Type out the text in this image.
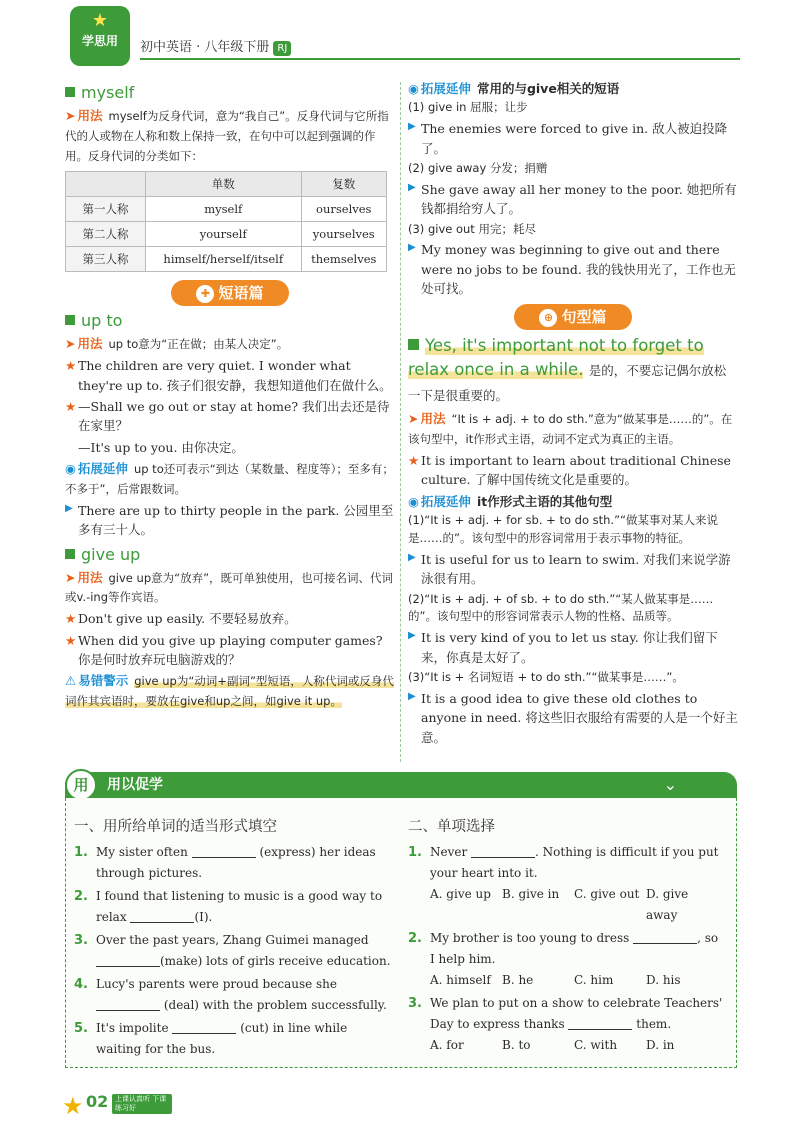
★
学思用	初中英语 · 八年级下册 RJ
myself

➤ 用法 myself为反身代词，意为“我自己”。反身代词与它所指代的人或物在人称和数上保持一致，在句中可以起到强调的作用。反身代词的分类如下：

	单数	复数
第一人称	myself	ourselves
第二人称	yourself	yourselves
第三人称	himself/herself/itself	themselves
✚ 短语篇
up to

➤ 用法 up to意为“正在做；由某人决定”。

★ The children are very quiet. I wonder what they're up to. 孩子们很安静，我想知道他们在做什么。
★ —Shall we go out or stay at home? 我们出去还是待在家里？
—It's up to you. 由你决定。

◉ 拓展延伸 up to还可表示“到达（某数量、程度等）；至多有；不多于”，后常跟数词。

▶ There are up to thirty people in the park. 公园里至多有三十人。
give up

➤ 用法 give up意为“放弃”，既可单独使用，也可接名词、代词或v.-ing等作宾语。

★ Don't give up easily. 不要轻易放弃。
★ When did you give up playing computer games? 你是何时放弃玩电脑游戏的？

⚠ 易错警示 give up为“动词+副词”型短语，人称代词或反身代词作其宾语时，要放在give和up之间，如give it up。

◉ 拓展延伸 常用的与give相关的短语

(1) give in 屈服；让步

▶ The enemies were forced to give in. 敌人被迫投降了。

(2) give away 分发；捐赠

▶ She gave away all her money to the poor. 她把所有钱都捐给穷人了。

(3) give out 用完；耗尽

▶ My money was beginning to give out and there were no jobs to be found. 我的钱快用光了，工作也无处可找。
⊕ 句型篇
Yes, it's important not to forget to relax once in a while. 是的，不要忘记偶尔放松一下是很重要的。

➤ 用法 “It is + adj. + to do sth.”意为“做某事是……的”。在该句型中，it作形式主语，动词不定式为真正的主语。

★ It is important to learn about traditional Chinese culture. 了解中国传统文化是重要的。

◉ 拓展延伸 it作形式主语的其他句型

(1)“It is + adj. + for sb. + to do sth.”“做某事对某人来说是……的”。该句型中的形容词常用于表示事物的特征。

▶ It is useful for us to learn to swim. 对我们来说学游泳很有用。

(2)“It is + adj. + of sb. + to do sth.”“某人做某事是……的”。该句型中的形容词常表示人物的性格、品质等。

▶ It is very kind of you to let us stay. 你让我们留下来，你真是太好了。

(3)“It is + 名词短语 + to do sth.”“做某事是……”。

▶ It is a good idea to give these old clothes to anyone in need. 将这些旧衣服给有需要的人是一个好主意。
用	用以促学	⌄
一、用所给单词的适当形式填空
1. My sister often	(express) her ideas through pictures.
2. I found that listening to music is a good way to relax	(I).
3. Over the past years, Zhang Guimei managed (make) lots of girls receive education.
4. Lucy's parents were proud because she  (deal) with the problem successfully.
5. It's impolite	(cut) in line while waiting for the bus.
二、单项选择
1. Never	. Nothing is difficult if you put your heart into it.
A. give up B. give in	C. give out D. give away
2. My brother is too young to dress	, so I help him.
A. himself B. he	C. him	D. his
3. We plan to put on a show to celebrate Teachers' Day to express thanks	them.
A. for	B. to	C. with	D. in
★ 02 上课认真听 下课练习好
